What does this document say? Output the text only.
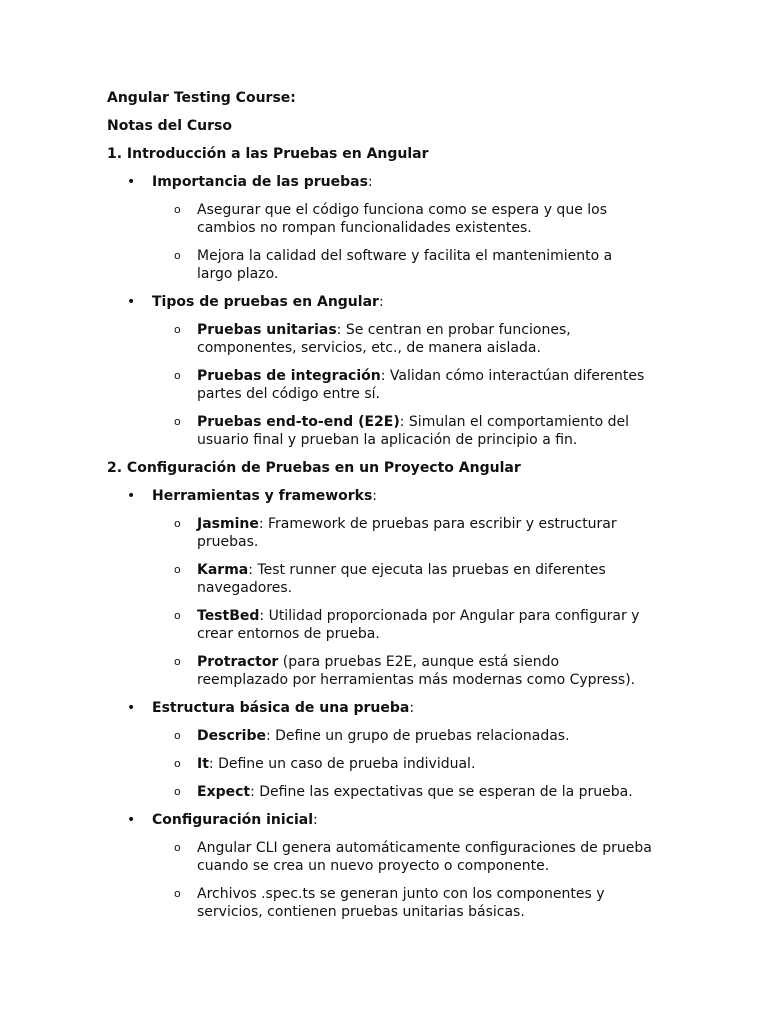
Angular Testing Course:

Notas del Curso

1. Introducción a las Pruebas en Angular

• Importancia de las pruebas:
o Asegurar que el código funciona como se espera y que los cambios no rompan funcionalidades existentes.
o Mejora la calidad del software y facilita el mantenimiento a largo plazo.
• Tipos de pruebas en Angular:
o Pruebas unitarias: Se centran en probar funciones, componentes, servicios, etc., de manera aislada.
o Pruebas de integración: Validan cómo interactúan diferentes partes del código entre sí.
o Pruebas end-to-end (E2E): Simulan el comportamiento del usuario final y prueban la aplicación de principio a fin.

2. Configuración de Pruebas en un Proyecto Angular

• Herramientas y frameworks:
o Jasmine: Framework de pruebas para escribir y estructurar pruebas.
o Karma: Test runner que ejecuta las pruebas en diferentes navegadores.
o TestBed: Utilidad proporcionada por Angular para configurar y crear entornos de prueba.
o Protractor (para pruebas E2E, aunque está siendo reemplazado por herramientas más modernas como Cypress).
• Estructura básica de una prueba:
o Describe: Define un grupo de pruebas relacionadas.
o It: Define un caso de prueba individual.
o Expect: Define las expectativas que se esperan de la prueba.
• Configuración inicial:
o Angular CLI genera automáticamente configuraciones de prueba cuando se crea un nuevo proyecto o componente.
o Archivos .spec.ts se generan junto con los componentes y servicios, contienen pruebas unitarias básicas.
